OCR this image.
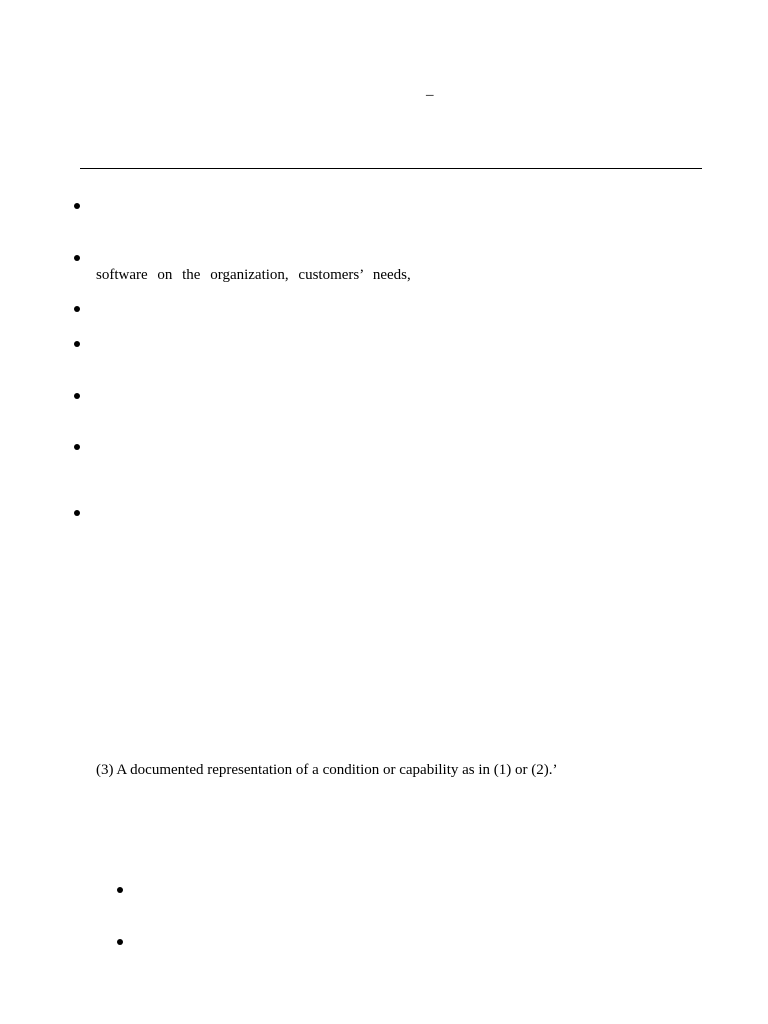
–
software on the organization, customers’ needs,
(3) A documented representation of a condition or capability as in (1) or (2).’
